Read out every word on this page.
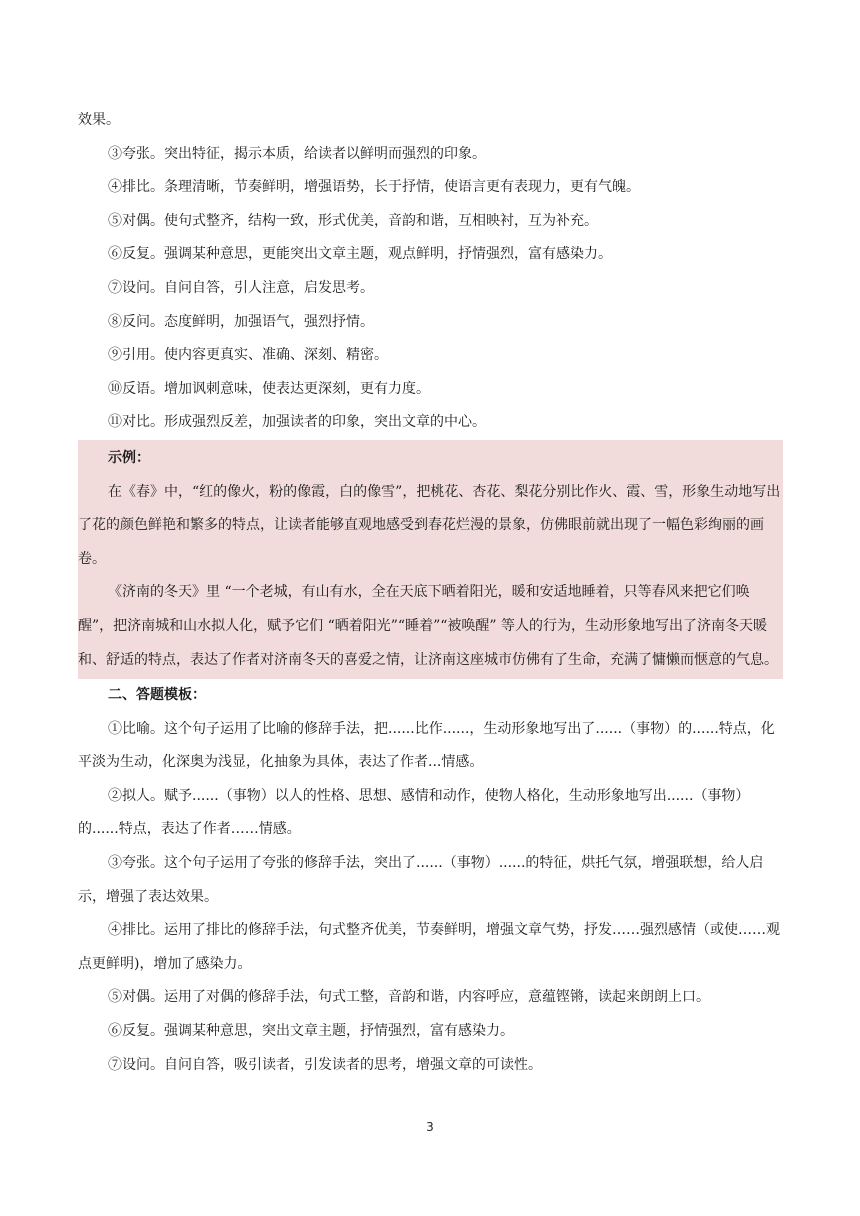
效果。

③夸张。突出特征，揭示本质，给读者以鲜明而强烈的印象。

④排比。条理清晰，节奏鲜明，增强语势，长于抒情，使语言更有表现力，更有气魄。

⑤对偶。使句式整齐，结构一致，形式优美，音韵和谐，互相映衬，互为补充。

⑥反复。强调某种意思，更能突出文章主题，观点鲜明，抒情强烈，富有感染力。

⑦设问。自问自答，引人注意，启发思考。

⑧反问。态度鲜明，加强语气，强烈抒情。

⑨引用。使内容更真实、准确、深刻、精密。

⑩反语。增加讽刺意味，使表达更深刻，更有力度。

⑪对比。形成强烈反差，加强读者的印象，突出文章的中心。

示例：

在《春》中，“红的像火，粉的像霞，白的像雪”，把桃花、杏花、梨花分别比作火、霞、雪，形象生动地写出了花的颜色鲜艳和繁多的特点，让读者能够直观地感受到春花烂漫的景象，仿佛眼前就出现了一幅色彩绚丽的画卷。

《济南的冬天》里 “一个老城，有山有水，全在天底下晒着阳光，暖和安适地睡着，只等春风来把它们唤醒”，把济南城和山水拟人化，赋予它们 “晒着阳光”“睡着”“被唤醒” 等人的行为，生动形象地写出了济南冬天暖和、舒适的特点，表达了作者对济南冬天的喜爱之情，让济南这座城市仿佛有了生命，充满了慵懒而惬意的气息。

二、答题模板：

①比喻。这个句子运用了比喻的修辞手法，把......比作......，生动形象地写出了......（事物）的......特点，化平淡为生动，化深奥为浅显，化抽象为具体，表达了作者...情感。

②拟人。赋予......（事物）以人的性格、思想、感情和动作，使物人格化，生动形象地写出......（事物）的......特点，表达了作者……情感。

③夸张。这个句子运用了夸张的修辞手法，突出了......（事物）......的特征，烘托气氛，增强联想，给人启示，增强了表达效果。

④排比。运用了排比的修辞手法，句式整齐优美，节奏鲜明，增强文章气势，抒发……强烈感情（或使……观点更鲜明)，增加了感染力。

⑤对偶。运用了对偶的修辞手法，句式工整，音韵和谐，内容呼应，意蕴铿锵，读起来朗朗上口。

⑥反复。强调某种意思，突出文章主题，抒情强烈，富有感染力。

⑦设问。自问自答，吸引读者，引发读者的思考，增强文章的可读性。

3
